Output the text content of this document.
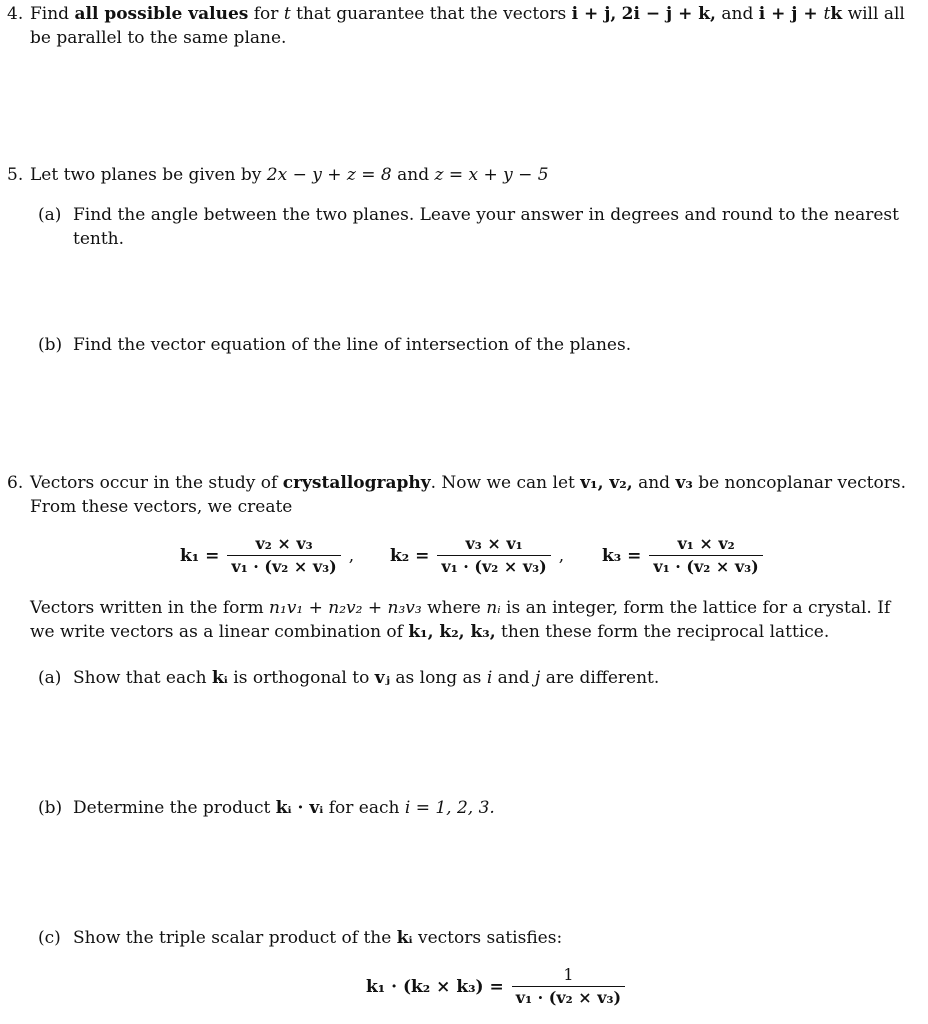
4. Find all possible values for t that guarantee that the vectors i + j, 2i − j + k, and i + j + tk will all be parallel to the same plane.
5. Let two planes be given by 2x − y + z = 8 and z = x + y − 5
(a) Find the angle between the two planes. Leave your answer in degrees and round to the nearest tenth.
(b) Find the vector equation of the line of intersection of the planes.
6. Vectors occur in the study of crystallography. Now we can let v₁, v₂, and v₃ be noncoplanar vectors. From these vectors, we create
$k_1 = \frac{\text{v₂ × v₃}}{\text{v₁ · (v₂ × v₃)}}$ , $k_2 = \frac{\text{v₃ × v₁}}{\text{v₁ · (v₂ × v₃)}}$ , $k_3 = \frac{\text{v₁ × v₂}}{\text{v₁ · (v₂ × v₃)}}$
Vectors written in the form n₁v₁ + n₂v₂ + n₃v₃ where nᵢ is an integer, form the lattice for a crystal. If we write vectors as a linear combination of k₁, k₂, k₃, then these form the reciprocal lattice.
(a) Show that each kᵢ is orthogonal to vⱼ as long as i and j are different.
(b) Determine the product kᵢ · vᵢ for each i = 1, 2, 3.
(c) Show the triple scalar product of the kᵢ vectors satisfies:
$k_1 \cdot (k_2 \times k_3) = \frac{1}{\text{v₁ · (v₂ × v₃)}}$
